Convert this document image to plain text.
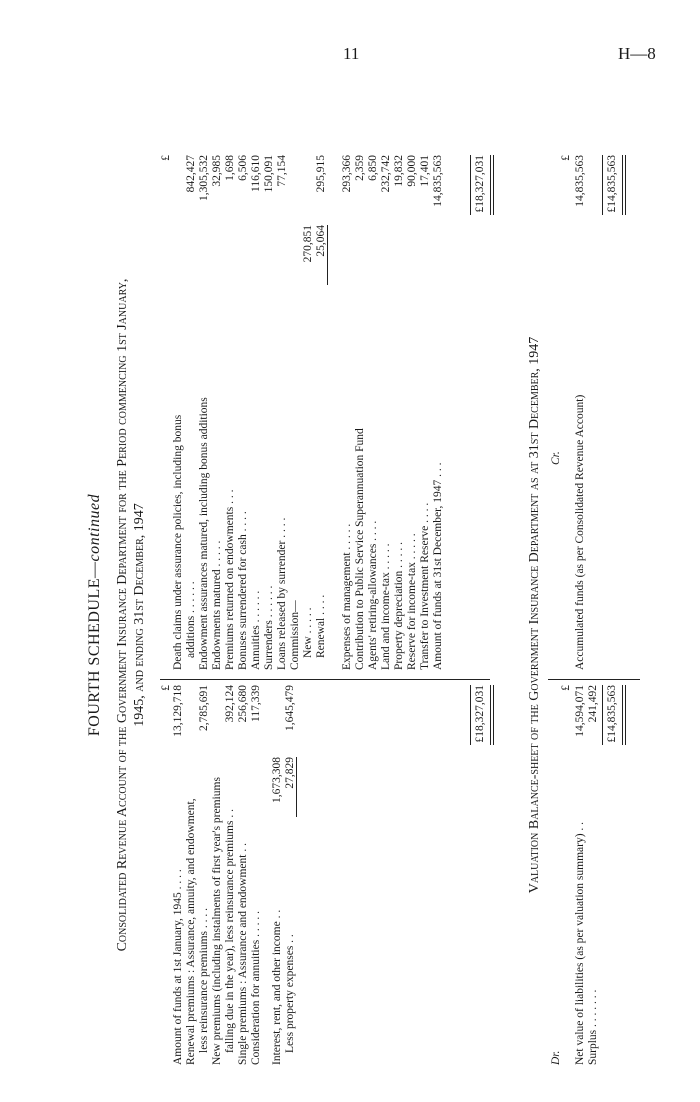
11	H—8
FOURTH SCHEDULE—continued Consolidated Revenue Account of the Government Insurance Department for the Period commencing 1st January, 1945, and ending 31st December, 1947
Amount of funds at 1st January, 1945 . . . .
13,129,718
Renewal premiums : Assurance, annuity, and endowment, less reinsurance premiums . . . .
2,785,691
New premiums (including instalments of first year's premiums falling due in the year), less reinsurance premiums . .
392,124
Single premiums : Assurance and endowment . .
256,680
Consideration for annuities . . . . .
117,339
Interest, rent, and other income . .
1,673,308
Less property expenses . .
27,829
1,645,479
Death claims under assurance policies, including bonus additions . . . . . .
842,427
Endowment assurances matured, including bonus additions
1,305,532
Endowments matured . . . . .
32,985
Premiums returned on endowments . . .
1,698
Bonuses surrendered for cash . . . .
6,506
Annuities . . . . . .
116,610
Surrenders . . . . . .
150,091
Loans released by surrender . . . .
77,154
Commission— New . . . . .
270,851
Renewal . . . .
25,064
295,915
Expenses of management . . . . .
293,366
Contribution to Public Service Superannuation Fund
2,359
Agents' retiring-allowances . . . .
6,850
Land and income-tax . . . . .
232,742
Property depreciation . . . . .
19,832
Reserve for income-tax . . . . .
90,000
Transfer to Investment Reserve . . . .
17,401
Amount of funds at 31st December, 1947 . . .
14,835,563
£
£
£18,327,031
£18,327,031
Valuation Balance-sheet of the Government Insurance Department as at 31st December, 1947
Dr.
Cr.
£
£
Net value of liabilities (as per valuation summary) . .
14,594,071
Surplus . . . . . . .
241,492
Accumulated funds (as per Consolidated Revenue Account)
14,835,563
£14,835,563
£14,835,563
